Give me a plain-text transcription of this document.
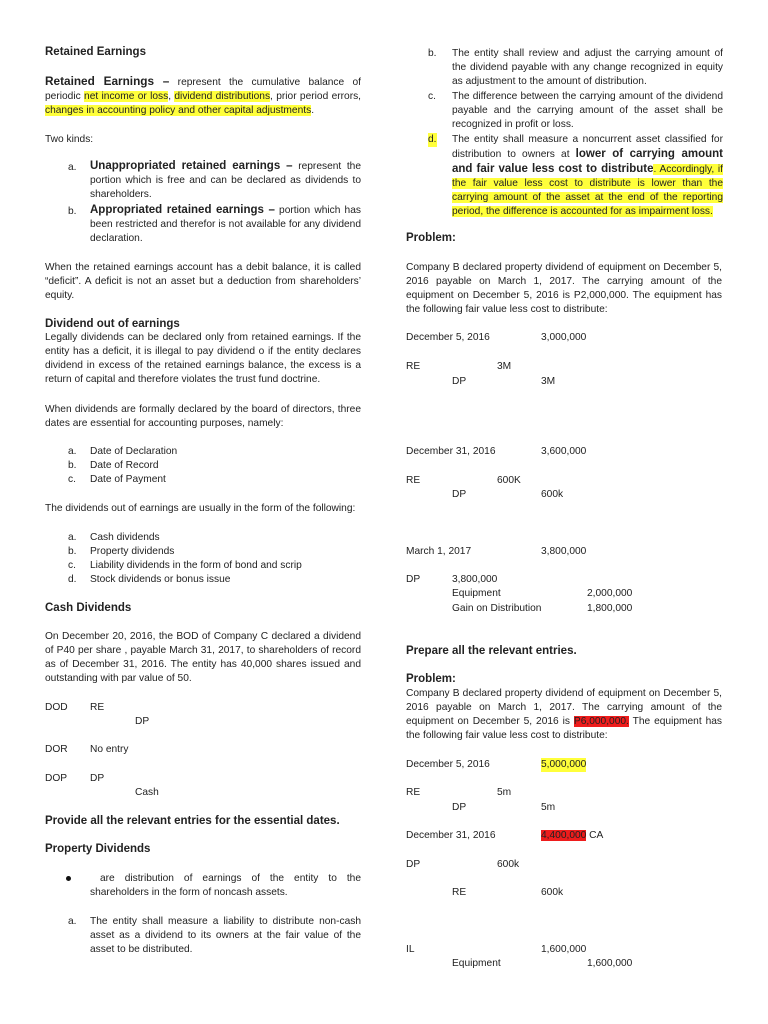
Retained Earnings
Retained Earnings – represent the cumulative balance of periodic net income or loss, dividend distributions, prior period errors, changes in accounting policy and other capital adjustments.
Two kinds:
a. Unappropriated retained earnings – represent the portion which is free and can be declared as dividends to shareholders.
b. Appropriated retained earnings – portion which has been restricted and therefor is not available for any dividend declaration.
When the retained earnings account has a debit balance, it is called “deficit”. A deficit is not an asset but a deduction from shareholders’ equity.
Dividend out of earnings
Legally dividends can be declared only from retained earnings. If the entity has a deficit, it is illegal to pay dividend o if the entity declares dividend in excess of the retained earnings balance, the excess is a return of capital and therefore violates the trust fund doctrine.
When dividends are formally declared by the board of directors, three dates are essential for accounting purposes, namely:
a. Date of Declaration
b. Date of Record
c. Date of Payment
The dividends out of earnings are usually in the form of the following:
a. Cash dividends
b. Property dividends
c. Liability dividends in the form of bond and scrip
d. Stock dividends or bonus issue
Cash Dividends
On December 20, 2016, the BOD of Company C declared a dividend of P40 per share , payable March 31, 2017, to shareholders of record as of December 31, 2016. The entity has 40,000 shares issued and outstanding with par value of 50.
DOD RE
DP
DOR No entry
DOP DP
Cash
Provide all the relevant entries for the essential dates.
Property Dividends
are distribution of earnings of the entity to the shareholders in the form of noncash assets.
a. The entity shall measure a liability to distribute non-cash asset as a dividend to its owners at the fair value of the asset to be distributed.
b. The entity shall review and adjust the carrying amount of the dividend payable with any change recognized in equity as adjustment to the amount of distribution.
c. The difference between the carrying amount of the dividend payable and the carrying amount of the asset shall be recognized in profit or loss.
d. The entity shall measure a noncurrent asset classified for distribution to owners at lower of carrying amount and fair value less cost to distribute. Accordingly, if the fair value less cost to distribute is lower than the carrying amount of the asset at the end of the reporting period, the difference is accounted for as impairment loss.
Problem:
Company B declared property dividend of equipment on December 5, 2016 payable on March 1, 2017. The carrying amount of the equipment on December 5, 2016 is P2,000,000. The equipment has the following fair value less cost to distribute:
December 5, 2016	3,000,000
RE	3M
DP	3M
December 31, 2016	3,600,000
RE	600K
DP	600k
March 1, 2017	3,800,000
DP	3,800,000
Equipment	2,000,000
Gain on Distribution	1,800,000
Prepare all the relevant entries.
Problem:
Company B declared property dividend of equipment on December 5, 2016 payable on March 1, 2017. The carrying amount of the equipment on December 5, 2016 is P6,000,000. The equipment has the following fair value less cost to distribute:
December 5, 2016	5,000,000
RE	5m
DP	5m
December 31, 2016	4,400,000 CA
DP	600k
RE	600k
IL	1,600,000
Equipment	1,600,000
